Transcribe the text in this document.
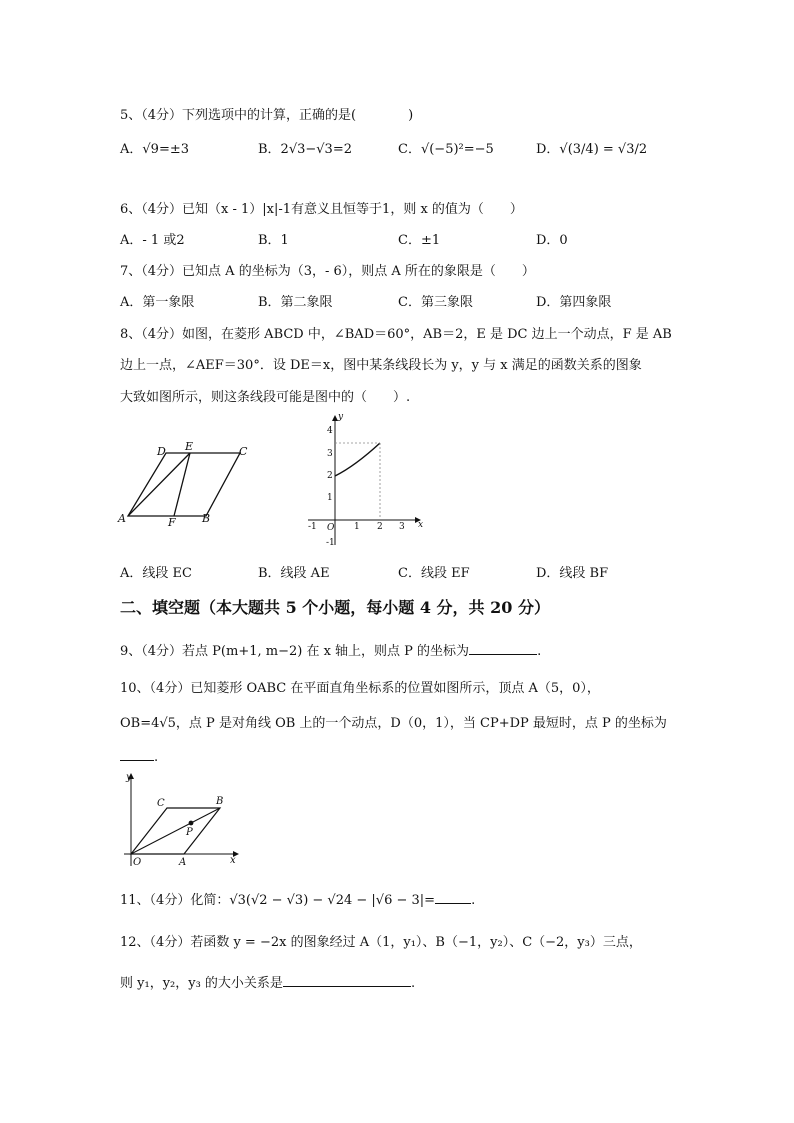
5、（4分）下列选项中的计算，正确的是(　　　　)
A．√9=±3	B．2√3−√3=2	C．√(−5)²=−5	D．√(3/4) = √3/2
6、（4分）已知（x - 1）|x|-1有意义且恒等于1，则 x 的值为（　　）
A．- 1 或2	B．1	C．±1	D．0
7、（4分）已知点 A 的坐标为（3，- 6），则点 A 所在的象限是（　　）
A．第一象限	B．第二象限	C．第三象限	D．第四象限
8、（4分）如图，在菱形 ABCD 中，∠BAD＝60°，AB＝2，E 是 DC 边上一个动点，F 是 AB
边上一点，∠AEF＝30°．设 DE＝x，图中某条线段长为 y，y 与 x 满足的函数关系的图象
大致如图所示，则这条线段可能是图中的（　　）.
D E	C
A	F B
y
x
4
3
2
1
-1
-1 O 1 2 3
A．线段 EC	B．线段 AE	C．线段 EF	D．线段 BF
二、填空题（本大题共 5 个小题，每小题 4 分，共 20 分）
9、（4分）若点 P(m+1, m−2) 在 x 轴上，则点 P 的坐标为	.
10、（4分）已知菱形 OABC 在平面直角坐标系的位置如图所示，顶点 A（5，0），
OB=4√5，点 P 是对角线 OB 上的一个动点，D（0，1），当 CP+DP 最短时，点 P 的坐标为
.
y
C	B
P
O	A	x
11、（4分）化简：√3(√2 − √3) − √24 − |√6 − 3|=	.
12、（4分）若函数 y = −2x 的图象经过 A（1，y₁）、B（−1，y₂）、C（−2，y₃）三点，
则 y₁，y₂，y₃ 的大小关系是	.
